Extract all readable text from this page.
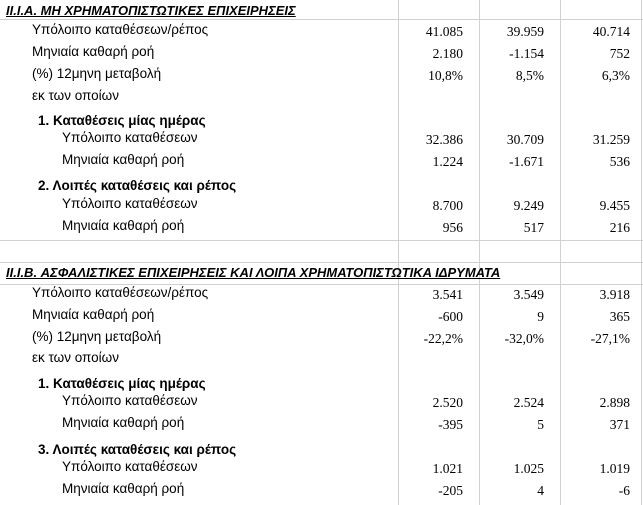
II.I.A. ΜΗ ΧΡΗΜΑΤΟΠΙΣΤΩΤΙΚΕΣ ΕΠΙΧΕΙΡΗΣΕΙΣ
Υπόλοιπο καταθέσεων/ρέπος	41.085	39.959	40.714
Μηνιαία καθαρή ροή	2.180	-1.154	752
(%) 12μηνη μεταβολή	10,8%	8,5%	6,3%
εκ των οποίων
1. Καταθέσεις μίας ημέρας
Υπόλοιπο καταθέσεων	32.386	30.709	31.259
Μηνιαία καθαρή ροή	1.224	-1.671	536
2. Λοιπές καταθέσεις και ρέπος
Υπόλοιπο καταθέσεων	8.700	9.249	9.455
Μηνιαία καθαρή ροή	956	517	216
II.I.B. ΑΣΦΑΛΙΣΤΙΚΕΣ ΕΠΙΧΕΙΡΗΣΕΙΣ ΚΑΙ ΛΟΙΠΑ ΧΡΗΜΑΤΟΠΙΣΤΩΤΙΚΑ ΙΔΡΥΜΑΤΑ
Υπόλοιπο καταθέσεων/ρέπος	3.541	3.549	3.918
Μηνιαία καθαρή ροή	-600	9	365
(%) 12μηνη μεταβολή	-22,2%	-32,0%	-27,1%
εκ των οποίων
1. Καταθέσεις μίας ημέρας
Υπόλοιπο καταθέσεων	2.520	2.524	2.898
Μηνιαία καθαρή ροή	-395	5	371
3. Λοιπές καταθέσεις και ρέπος
Υπόλοιπο καταθέσεων	1.021	1.025	1.019
Μηνιαία καθαρή ροή	-205	4	-6
